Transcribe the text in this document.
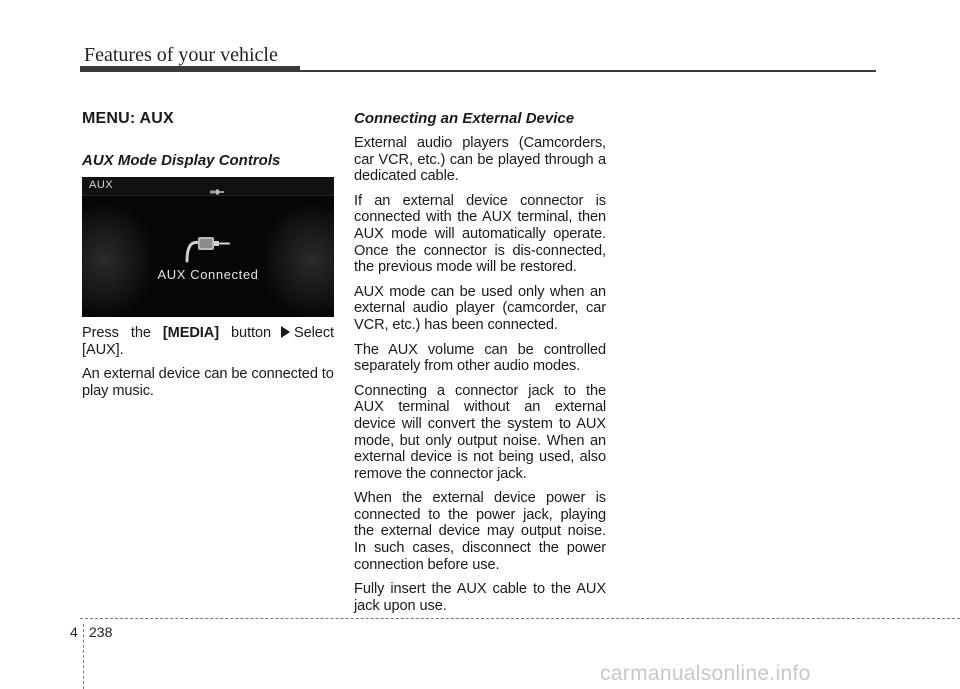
Features of your vehicle
MENU: AUX
AUX Mode Display Controls
AUX
AUX Connected

Press the [MEDIA] button Select [AUX].

An external device can be connected to play music.

Connecting an External Device

External audio players (Camcorders, car VCR, etc.) can be played through a dedicated cable.

If an external device connector is connected with the AUX terminal, then AUX mode will automatically operate. Once the connector is dis-connected, the previous mode will be restored.

AUX mode can be used only when an external audio player (camcorder, car VCR, etc.) has been connected.

The AUX volume can be controlled separately from other audio modes.

Connecting a connector jack to the AUX terminal without an external device will convert the system to AUX mode, but only output noise. When an external device is not being used, also remove the connector jack.

When the external device power is connected to the power jack, playing the external device may output noise. In such cases, disconnect the power connection before use.

Fully insert the AUX cable to the AUX jack upon use.

4 238
carmanualsonline.info
